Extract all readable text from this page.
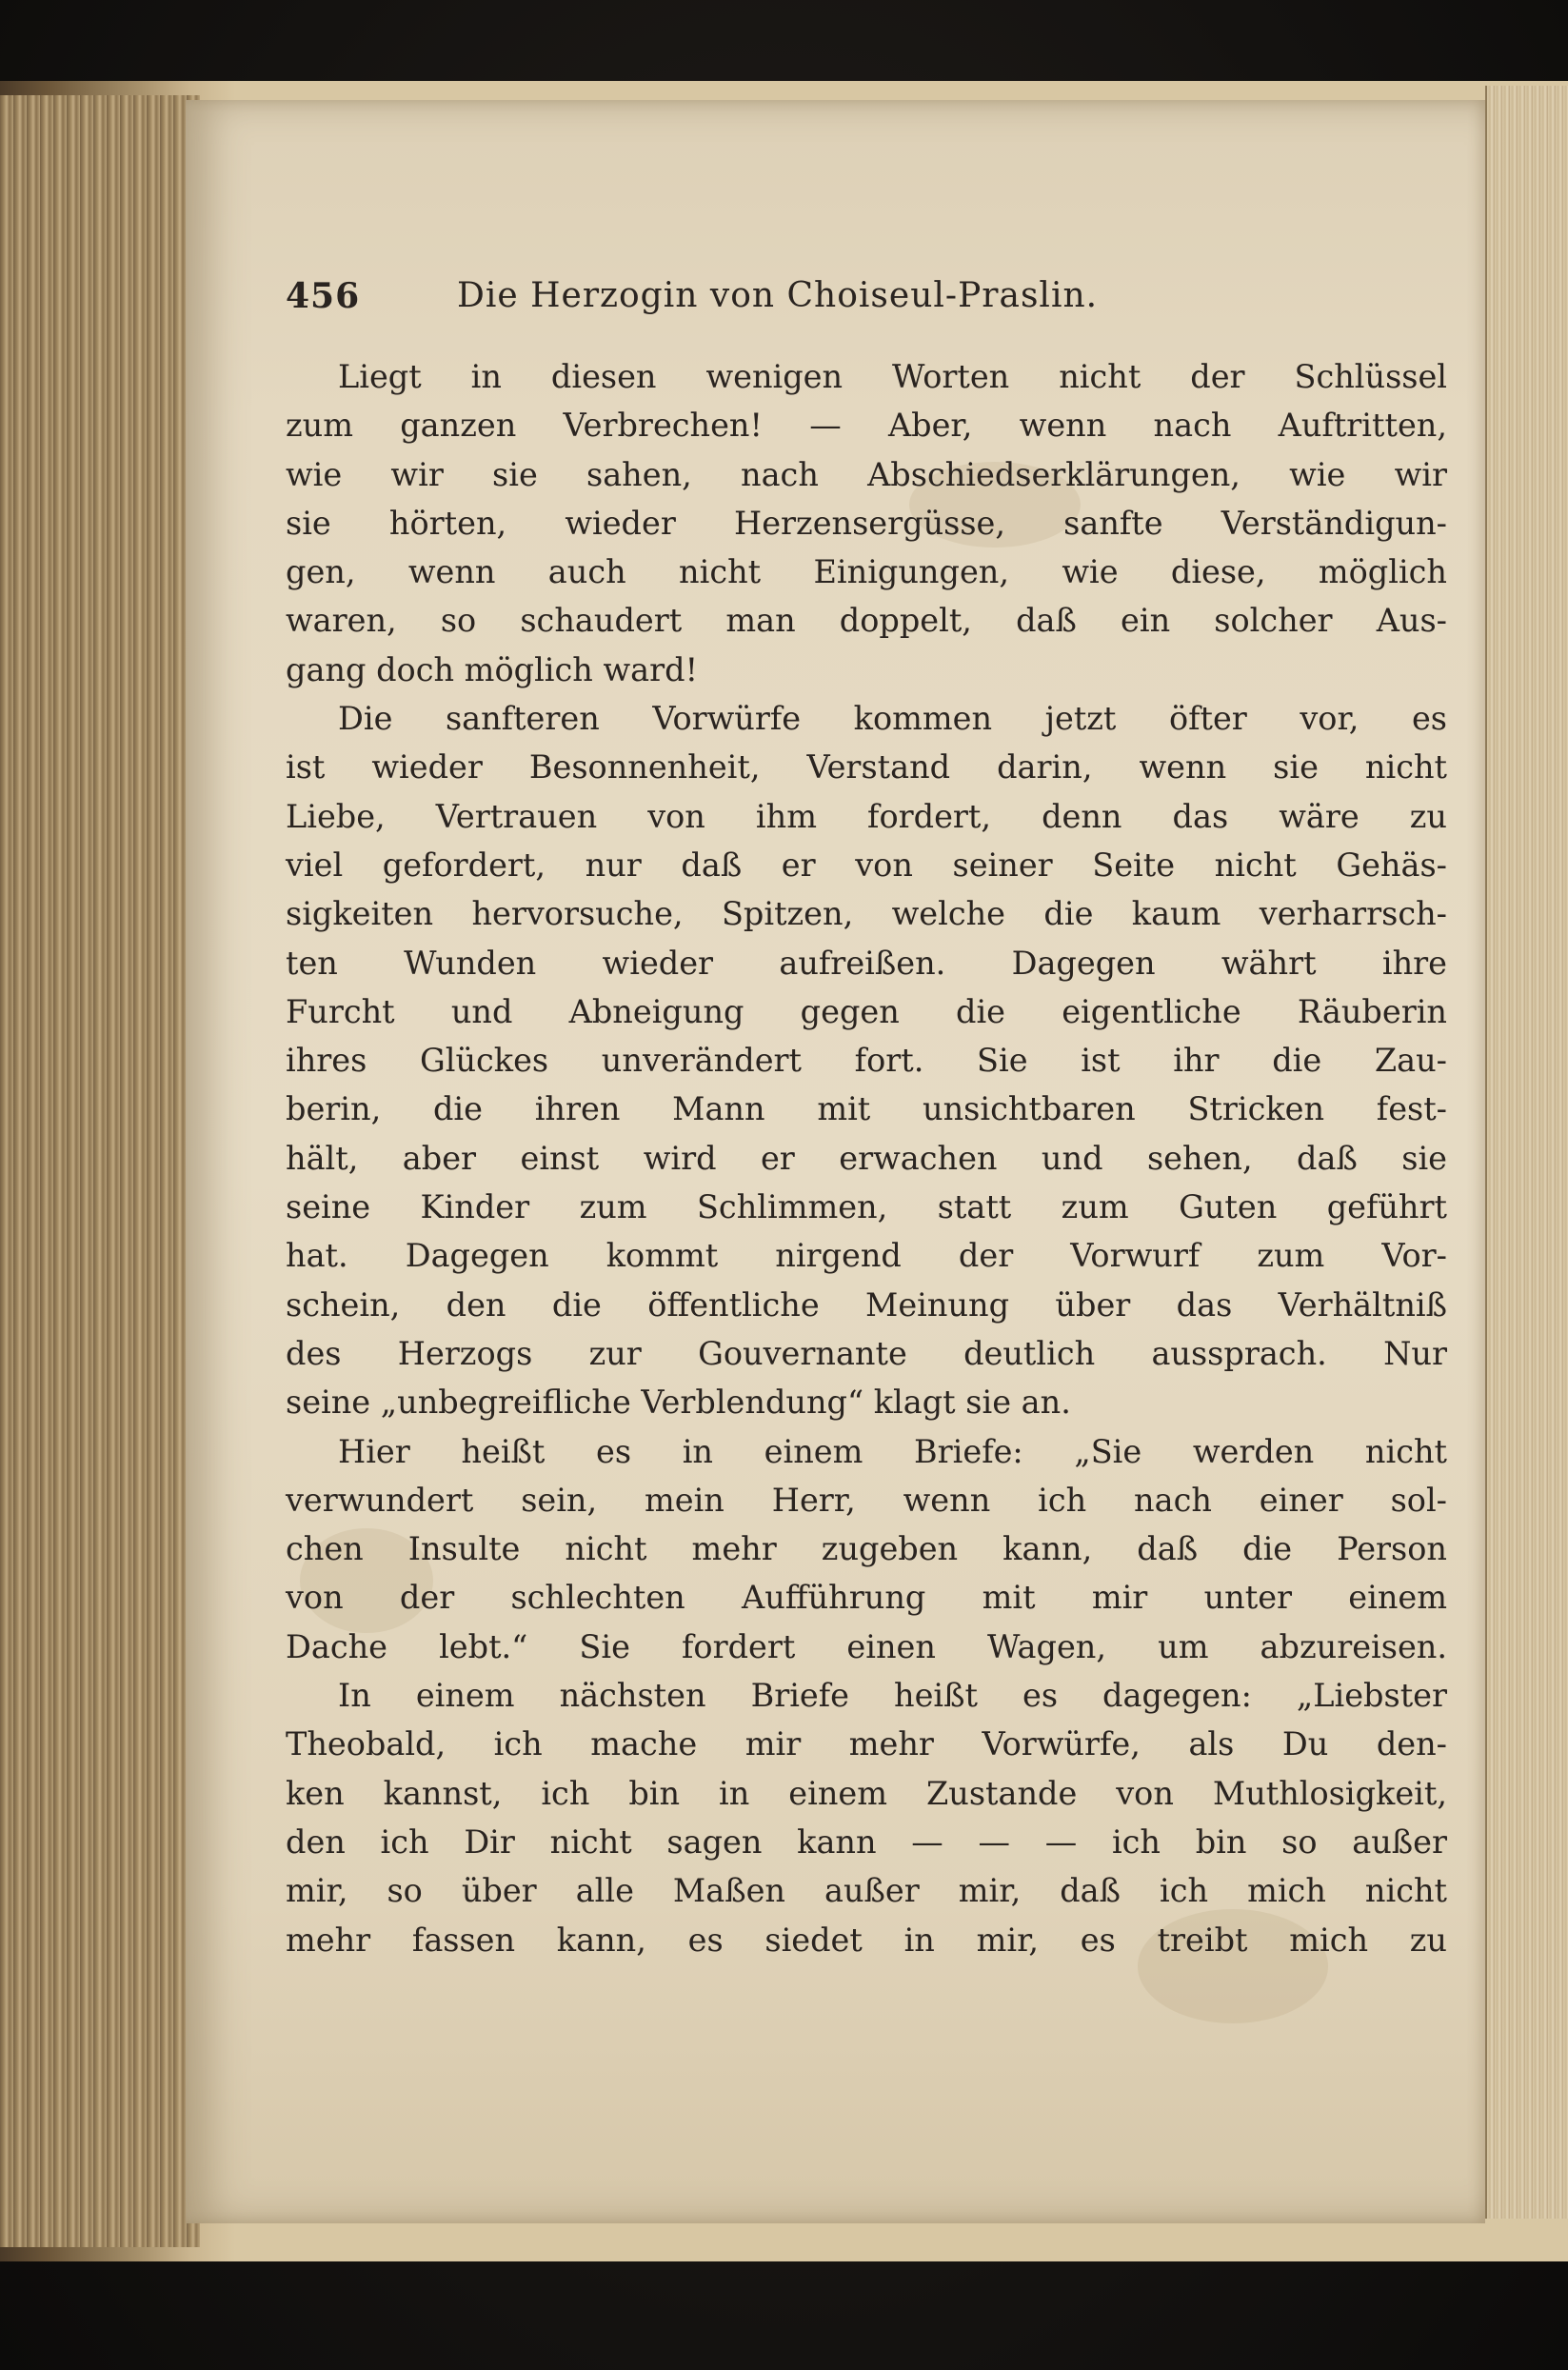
456	Die Herzogin von Choiseul-Praslin.
Liegt in diesen wenigen Worten nicht der Schlüssel
zum ganzen Verbrechen! — Aber, wenn nach Auftritten,
wie wir sie sahen, nach Abschiedserklärungen, wie wir
sie hörten, wieder Herzensergüsse, sanfte Verständigun-
gen, wenn auch nicht Einigungen, wie diese, möglich
waren, so schaudert man doppelt, daß ein solcher Aus-
gang doch möglich ward!
Die sanfteren Vorwürfe kommen jetzt öfter vor, es
ist wieder Besonnenheit, Verstand darin, wenn sie nicht
Liebe, Vertrauen von ihm fordert, denn das wäre zu
viel gefordert, nur daß er von seiner Seite nicht Gehäs-
sigkeiten hervorsuche, Spitzen, welche die kaum verharrsch-
ten Wunden wieder aufreißen. Dagegen währt ihre
Furcht und Abneigung gegen die eigentliche Räuberin
ihres Glückes unverändert fort. Sie ist ihr die Zau-
berin, die ihren Mann mit unsichtbaren Stricken fest-
hält, aber einst wird er erwachen und sehen, daß sie
seine Kinder zum Schlimmen, statt zum Guten geführt
hat. Dagegen kommt nirgend der Vorwurf zum Vor-
schein, den die öffentliche Meinung über das Verhältniß
des Herzogs zur Gouvernante deutlich aussprach. Nur
seine „unbegreifliche Verblendung“ klagt sie an.
Hier heißt es in einem Briefe: „Sie werden nicht
verwundert sein, mein Herr, wenn ich nach einer sol-
chen Insulte nicht mehr zugeben kann, daß die Person
von der schlechten Aufführung mit mir unter einem
Dache lebt.“ Sie fordert einen Wagen, um abzureisen.
In einem nächsten Briefe heißt es dagegen: „Liebster
Theobald, ich mache mir mehr Vorwürfe, als Du den-
ken kannst, ich bin in einem Zustande von Muthlosigkeit,
den ich Dir nicht sagen kann — — — ich bin so außer
mir, so über alle Maßen außer mir, daß ich mich nicht
mehr fassen kann, es siedet in mir, es treibt mich zu
